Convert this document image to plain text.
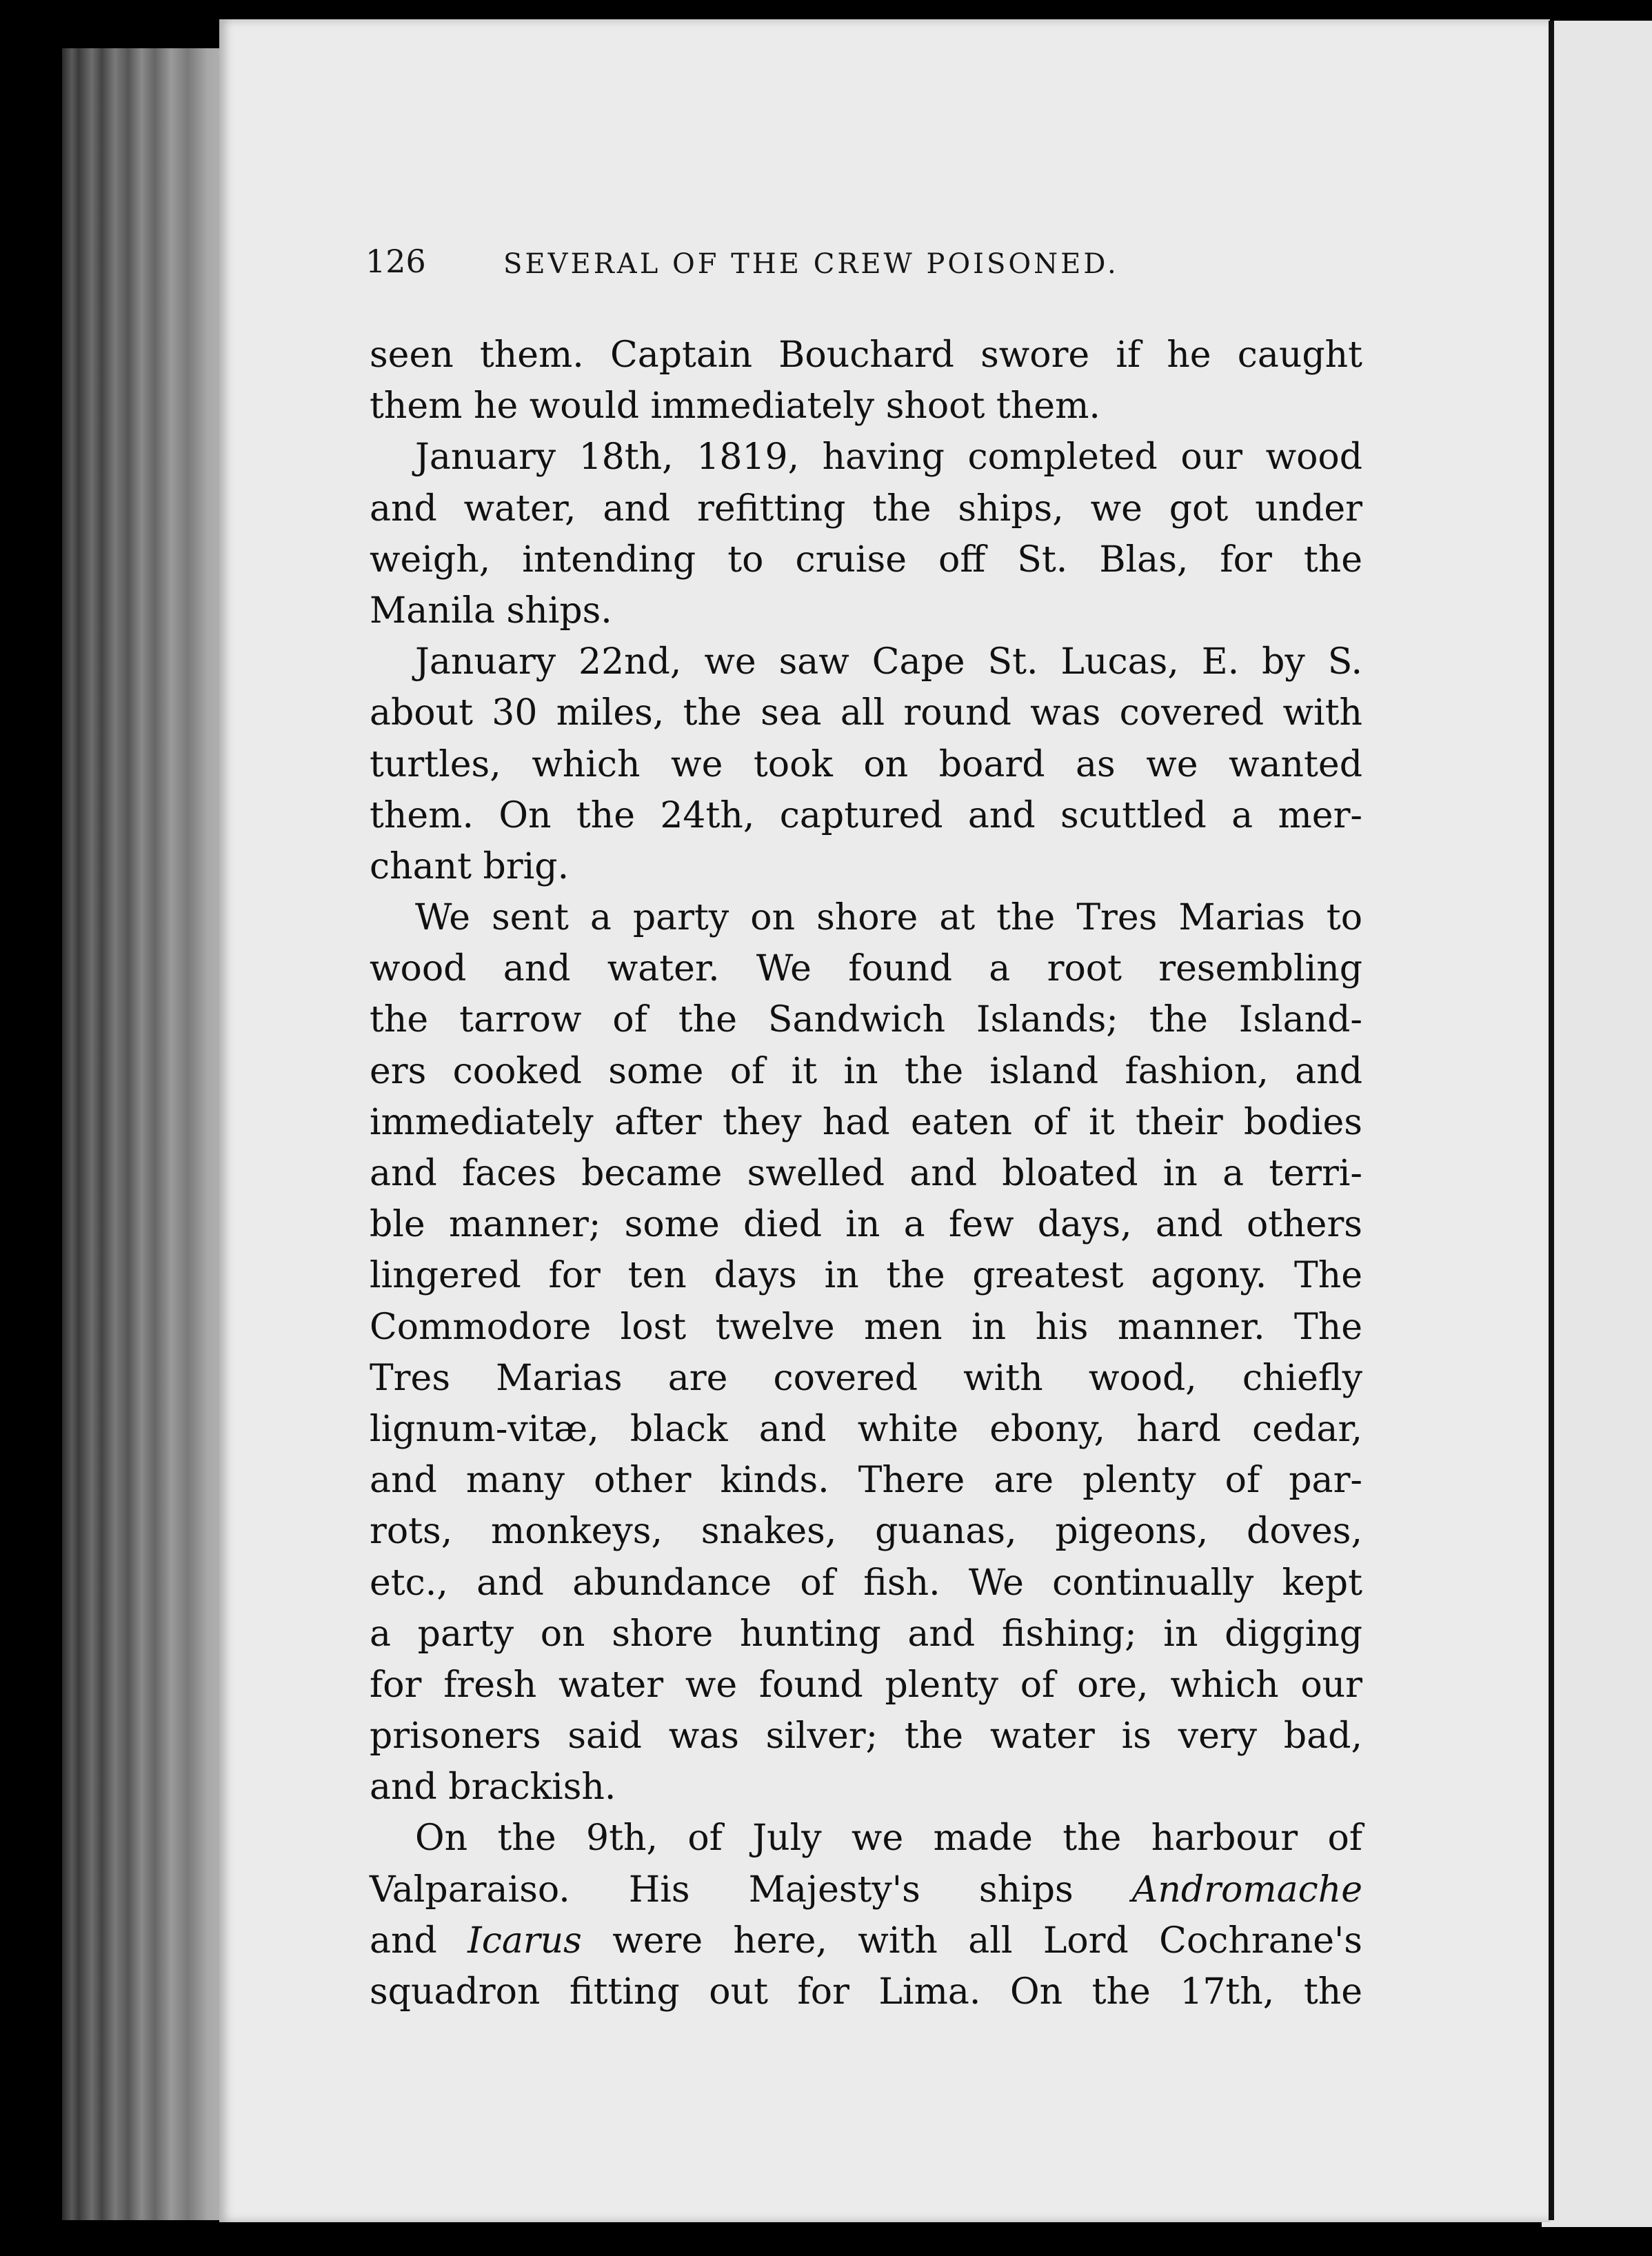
126	SEVERAL OF THE CREW POISONED.
seen them. Captain Bouchard swore if he caught
them he would immediately shoot them.
January 18th, 1819, having completed our wood
and water, and refitting the ships, we got under
weigh, intending to cruise off St. Blas, for the
Manila ships.
January 22nd, we saw Cape St. Lucas, E. by S.
about 30 miles, the sea all round was covered with
turtles, which we took on board as we wanted
them. On the 24th, captured and scuttled a mer-
chant brig.
We sent a party on shore at the Tres Marias to
wood and water. We found a root resembling
the tarrow of the Sandwich Islands; the Island-
ers cooked some of it in the island fashion, and
immediately after they had eaten of it their bodies
and faces became swelled and bloated in a terri-
ble manner; some died in a few days, and others
lingered for ten days in the greatest agony. The
Commodore lost twelve men in his manner. The
Tres Marias are covered with wood, chiefly
lignum-vitæ, black and white ebony, hard cedar,
and many other kinds. There are plenty of par-
rots, monkeys, snakes, guanas, pigeons, doves,
etc., and abundance of fish. We continually kept
a party on shore hunting and fishing; in digging
for fresh water we found plenty of ore, which our
prisoners said was silver; the water is very bad,
and brackish.
On the 9th, of July we made the harbour of
Valparaiso. His Majesty's ships Andromache
and Icarus were here, with all Lord Cochrane's
squadron fitting out for Lima. On the 17th, the
